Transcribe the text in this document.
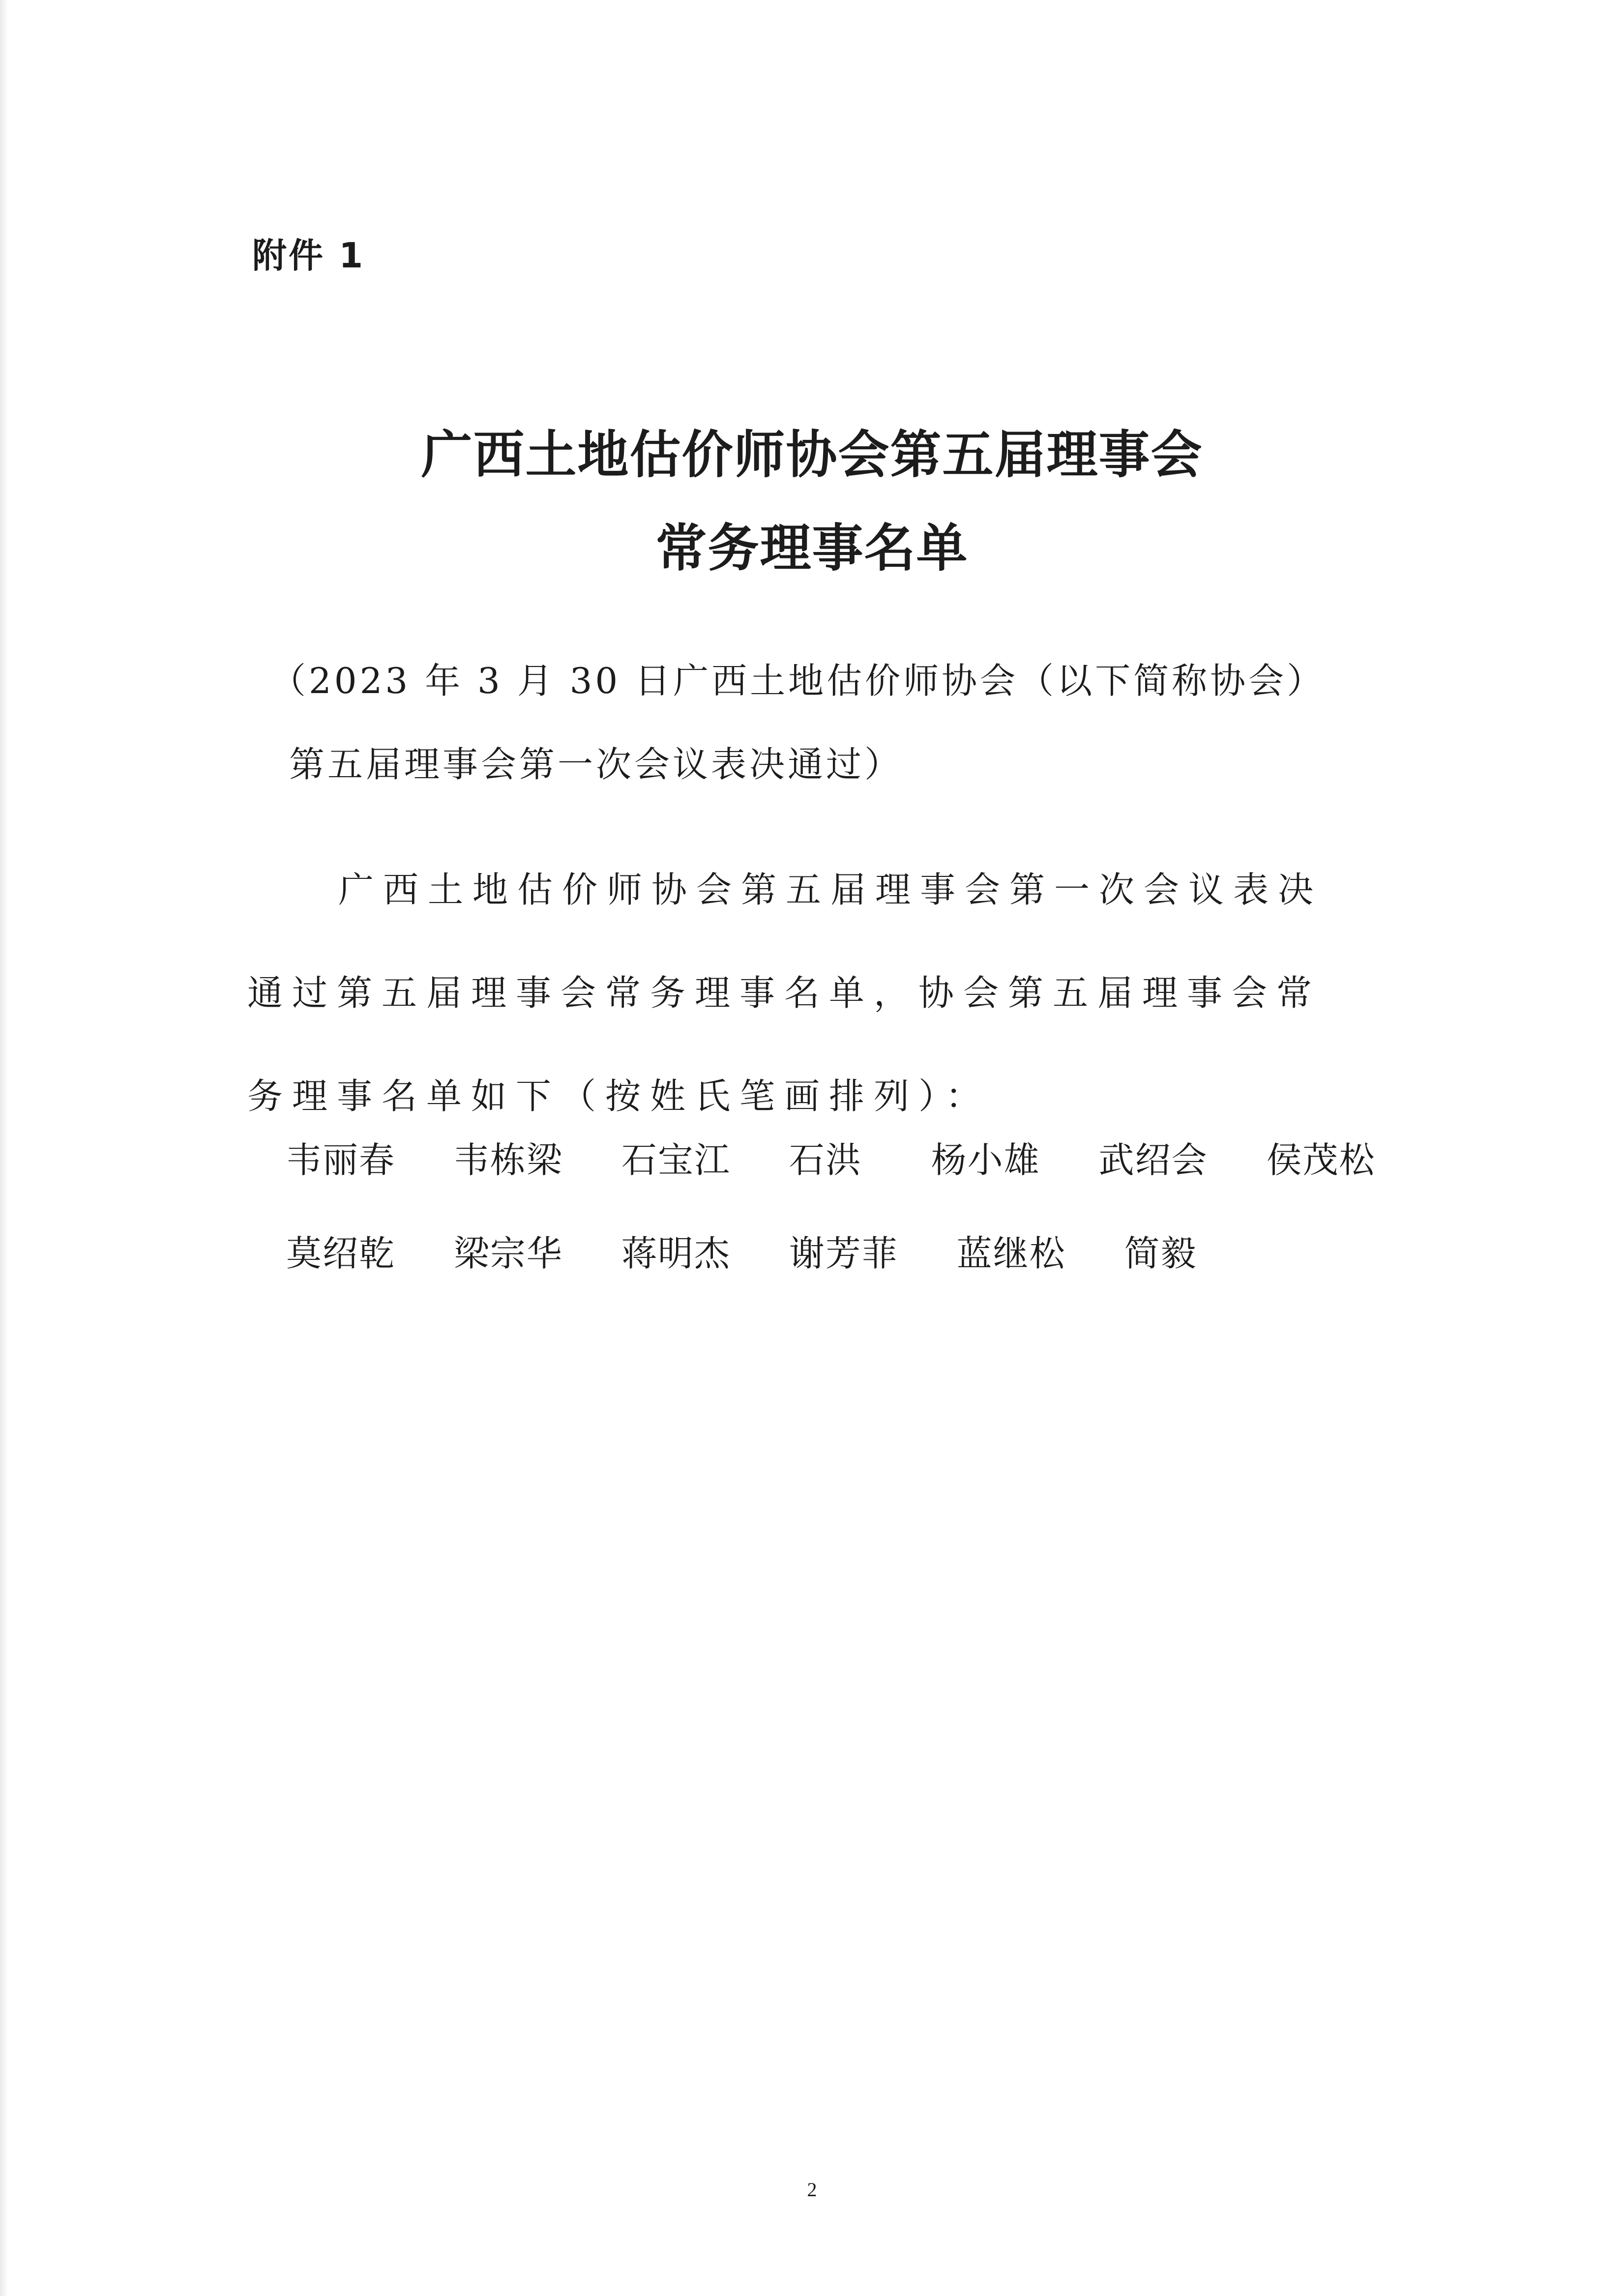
附件 1
广西土地估价师协会第五届理事会
常务理事名单
（2023 年 3 月 30 日广西土地估价师协会（以下简称协会）
第五届理事会第一次会议表决通过）
广西土地估价师协会第五届理事会第一次会议表决
通过第五届理事会常务理事名单，协会第五届理事会常
务理事名单如下（按姓氏笔画排列）：
韦丽春 韦栋梁 石宝江 石洪 杨小雄 武绍会 侯茂松
莫绍乾 梁宗华 蒋明杰 谢芳菲 蓝继松 简毅
2
